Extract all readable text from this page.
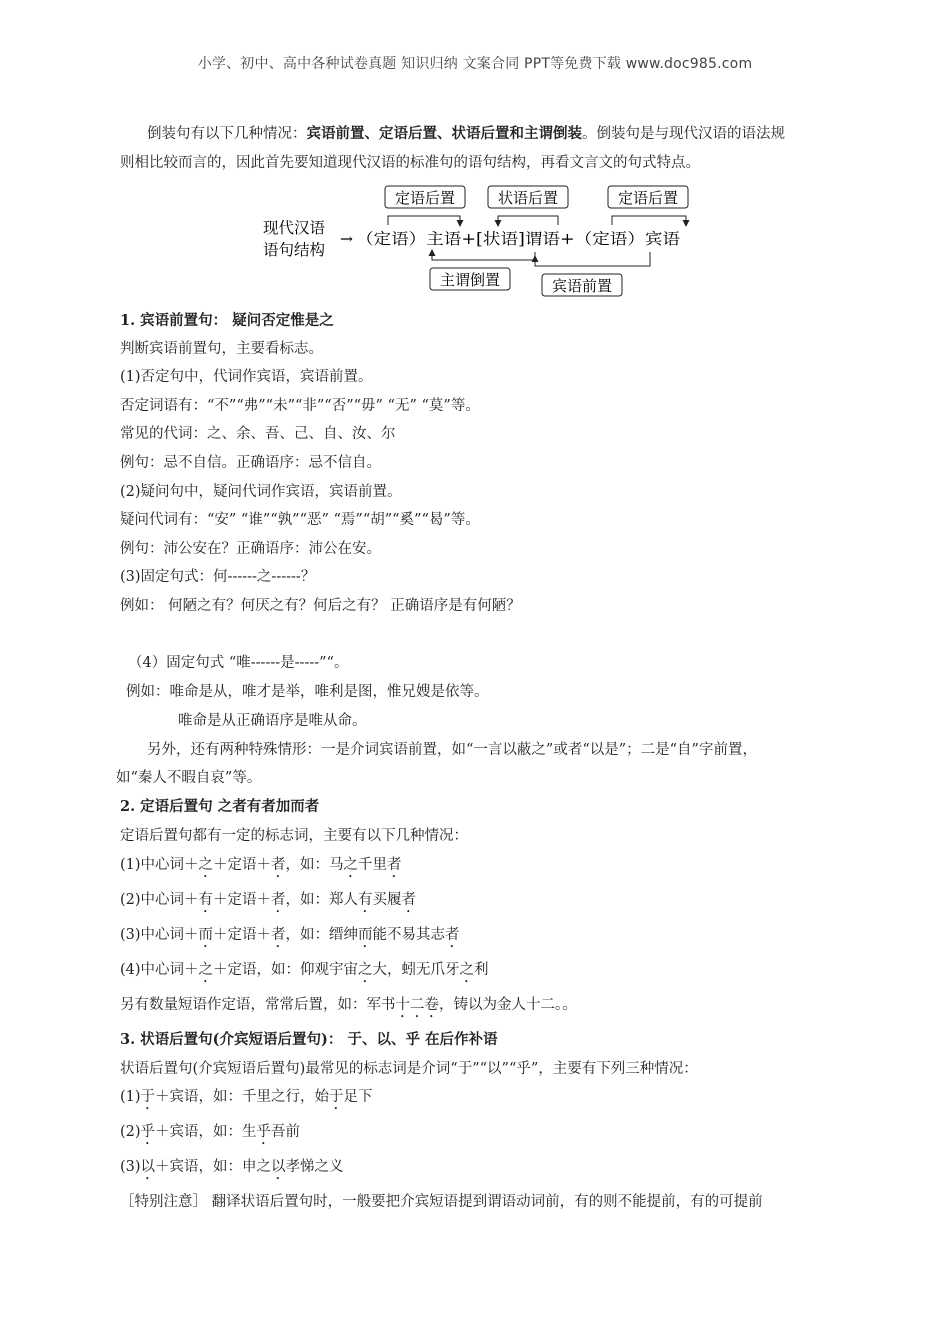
小学、初中、高中各种试卷真题 知识归纳 文案合同 PPT等免费下载 www.doc985.com
倒装句有以下几种情况：宾语前置、定语后置、状语后置和主谓倒装。倒装句是与现代汉语的语法规
则相比较而言的，因此首先要知道现代汉语的标准句的语句结构，再看文言文的句式特点。
定语后置	状语后置	定语后置
现代汉语
语句结构
→ （定语）主语+[状语]谓语+（定语）宾语
主谓倒置	宾语前置
1. 宾语前置句： 疑问否定惟是之
判断宾语前置句，主要看标志。
(1)否定句中，代词作宾语，宾语前置。
否定词语有：“不”“弗”“未”“非”“否”“毋” “无” “莫”等。
常见的代词：之、余、吾、己、自、汝、尔
例句：忌不自信。正确语序：忌不信自。
(2)疑问句中，疑问代词作宾语，宾语前置。
疑问代词有：“安” “谁”“孰”“恶” “焉”“胡”“奚”“曷”等。
例句：沛公安在？正确语序：沛公在安。
(3)固定句式：何------之------？
例如： 何陋之有？何厌之有？何后之有？ 正确语序是有何陋？
（4）固定句式 “唯------是-----”“。
例如：唯命是从，唯才是举，唯利是图，惟兄嫂是依等。
唯命是从正确语序是唯从命。
另外，还有两种特殊情形：一是介词宾语前置，如“一言以蔽之”或者“以是”；二是“自”字前置，
如“秦人不暇自哀”等。
2. 定语后置句 之者有者加而者
定语后置句都有一定的标志词，主要有以下几种情况：
(1)中心词＋之＋定语＋者，如：马之千里者
(2)中心词＋有＋定语＋者，如：郑人有买履者
(3)中心词＋而＋定语＋者，如：缙绅而能不易其志者
(4)中心词＋之＋定语，如：仰观宇宙之大，蚓无爪牙之利
另有数量短语作定语，常常后置，如：军书十二卷，铸以为金人十二。。
3. 状语后置句(介宾短语后置句)： 于、以、乎 在后作补语
状语后置句(介宾短语后置句)最常见的标志词是介词“于”“以”“乎”，主要有下列三种情况：
(1)于＋宾语，如：千里之行，始于足下
(2)乎＋宾语，如：生乎吾前
(3)以＋宾语，如：申之以孝悌之义
［特别注意］ 翻译状语后置句时，一般要把介宾短语提到谓语动词前，有的则不能提前，有的可提前
